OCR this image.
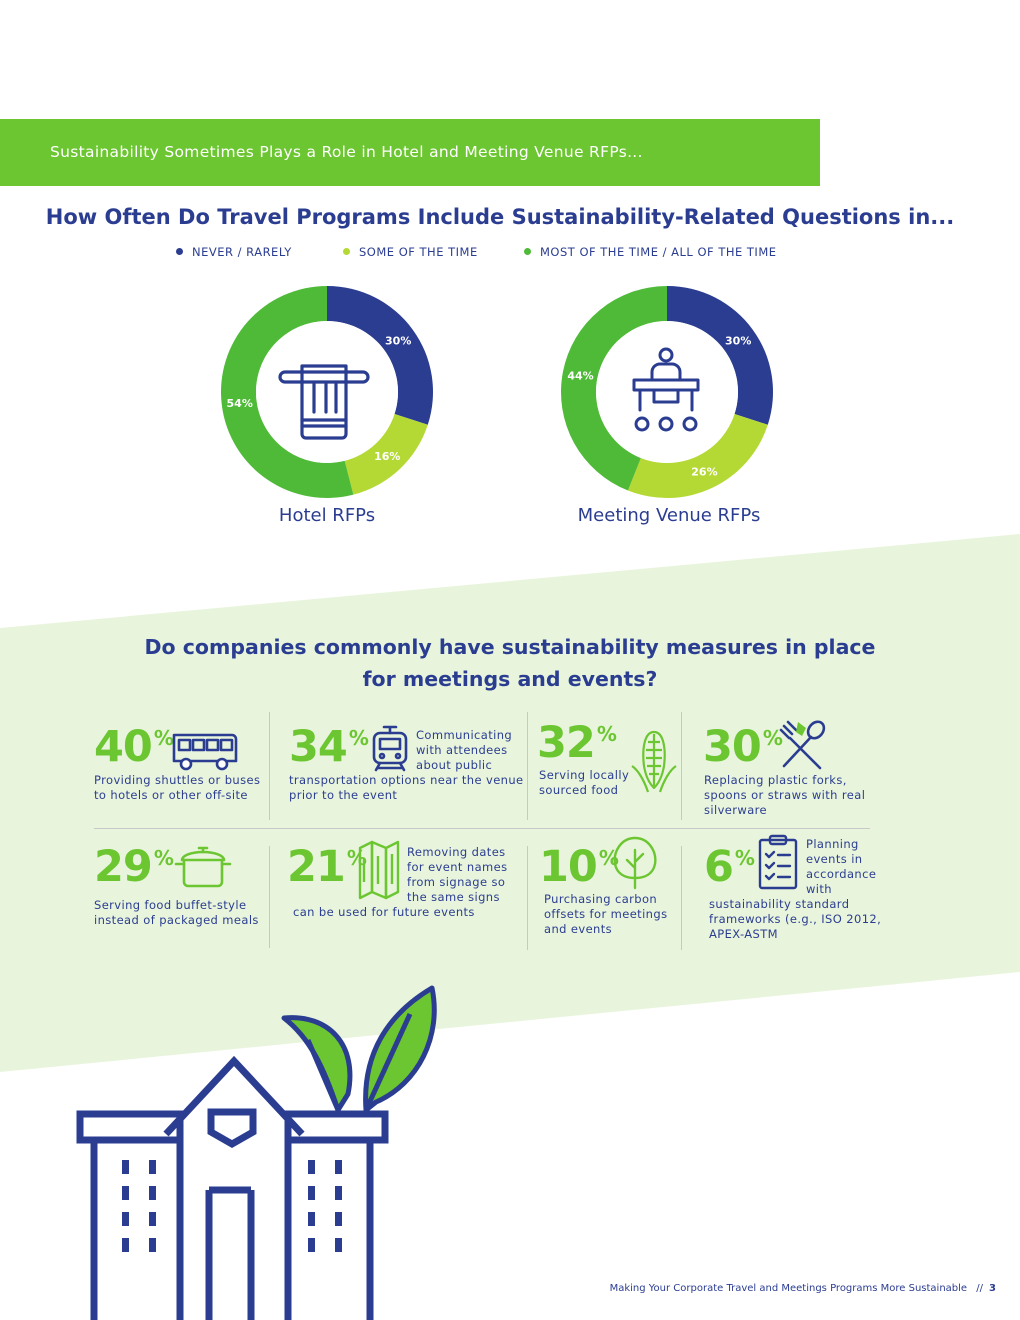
Sustainability Sometimes Plays a Role in Hotel and Meeting Venue RFPs...
How Often Do Travel Programs Include Sustainability-Related Questions in...
NEVER / RARELY	SOME OF THE TIME	MOST OF THE TIME / ALL OF THE TIME
30%
16%
54%
Hotel RFPs
30%
26%
44%
Meeting Venue RFPs
Do companies commonly have sustainability measures in place
for meetings and events?
40 %
Providing shuttles or buses
to hotels or other off-site
34 %	Communicating
with attendees
about public
transportation options near the venue
prior to the event
32 %
Serving locally
sourced food
30 %
Replacing plastic forks,
spoons or straws with real
silverware
29 %
Serving food buffet-style
instead of packaged meals
21 %	Removing dates
for event names
from signage so
the same signs
can be used for future events
10 %
Purchasing carbon
offsets for meetings
and events
6 %
Planning
events in
accordance
with
sustainability standard
frameworks (e.g., ISO 2012,
APEX-ASTM
Making Your Corporate Travel and Meetings Programs More Sustainable // 3
